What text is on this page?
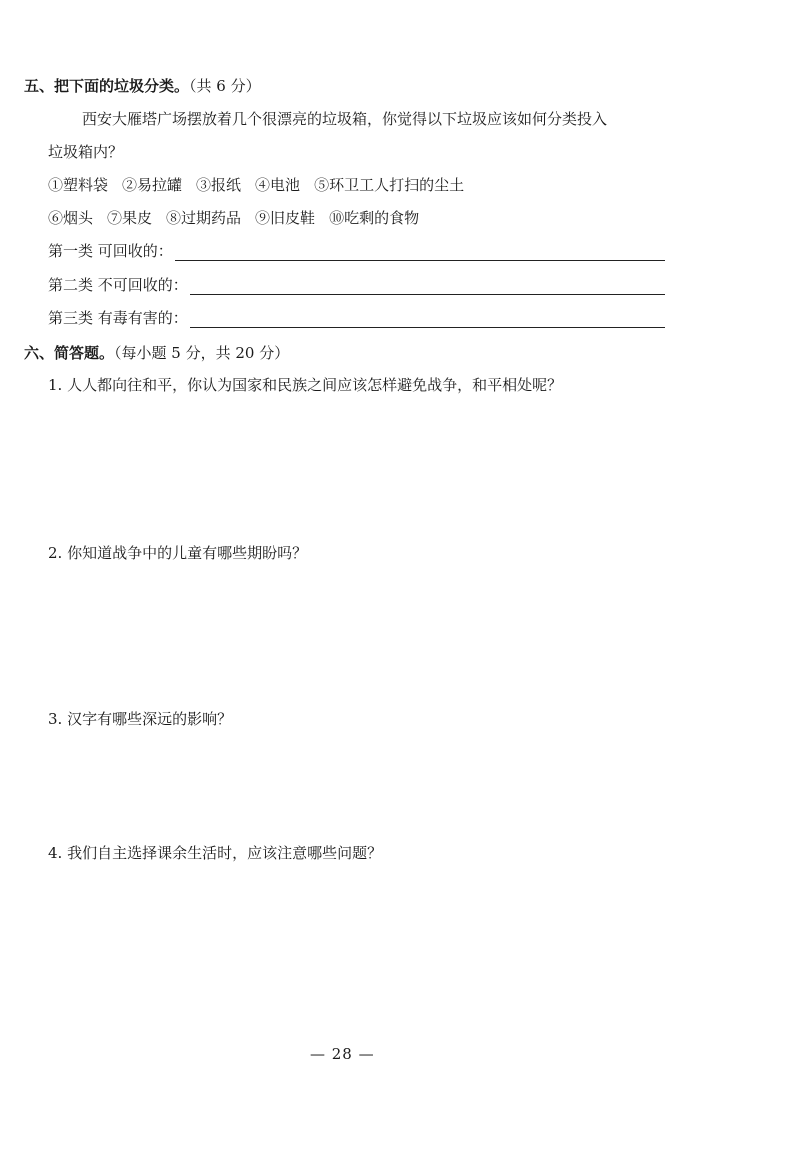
五、把下面的垃圾分类。（共 6 分）
西安大雁塔广场摆放着几个很漂亮的垃圾箱，你觉得以下垃圾应该如何分类投入
垃圾箱内？
①塑料袋 ②易拉罐 ③报纸 ④电池 ⑤环卫工人打扫的尘土
⑥烟头 ⑦果皮 ⑧过期药品 ⑨旧皮鞋 ⑩吃剩的食物
第一类 可回收的：
第二类 不可回收的：
第三类 有毒有害的：
六、简答题。（每小题 5 分，共 20 分）
1. 人人都向往和平，你认为国家和民族之间应该怎样避免战争，和平相处呢？
2. 你知道战争中的儿童有哪些期盼吗？
3. 汉字有哪些深远的影响？
4. 我们自主选择课余生活时，应该注意哪些问题？
— 28 —
